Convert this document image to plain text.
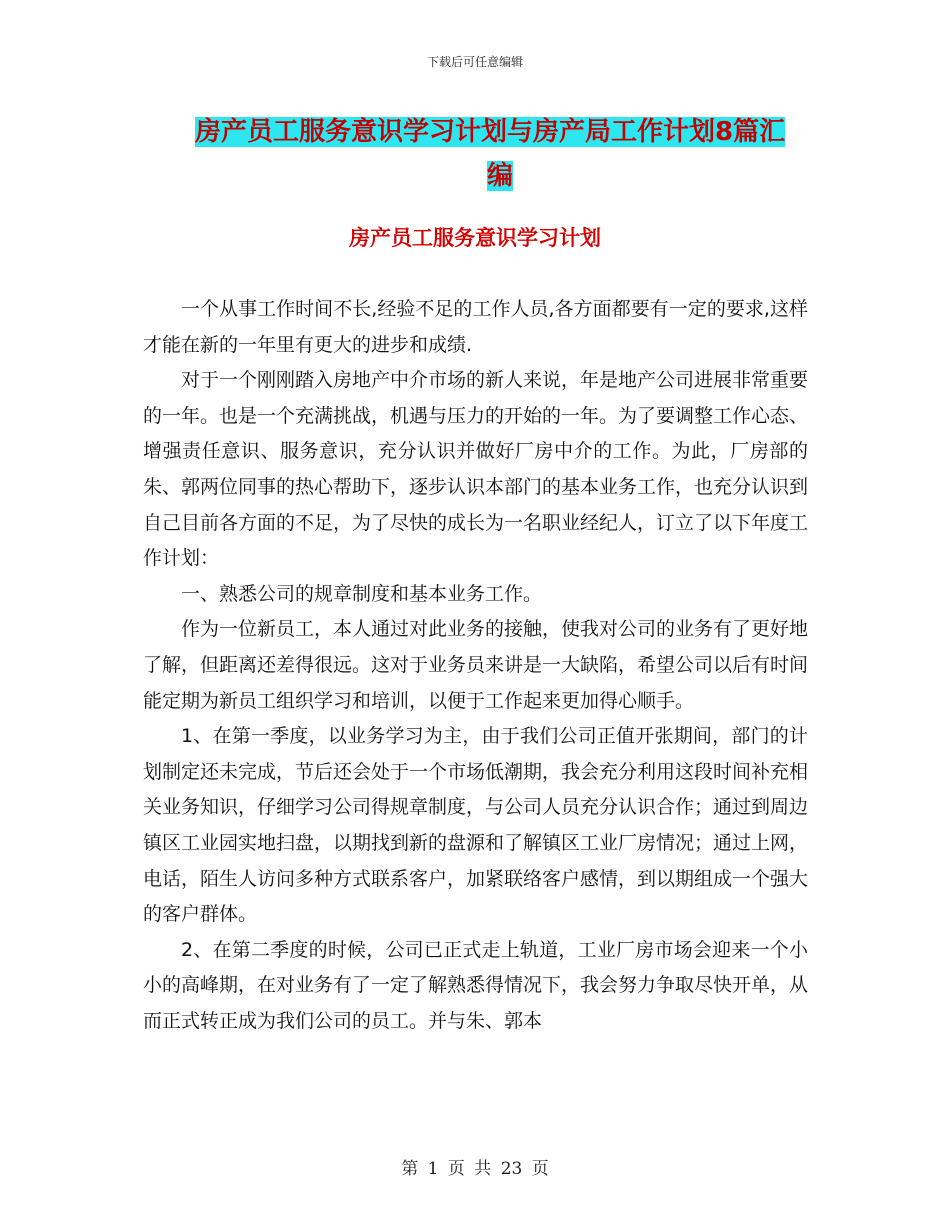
下载后可任意编辑
房产员工服务意识学习计划与房产局工作计划8篇汇
编
房产员工服务意识学习计划

一个从事工作时间不长,经验不足的工作人员,各方面都要有一定的要求,这样才能在新的一年里有更大的进步和成绩.

对于一个刚刚踏入房地产中介市场的新人来说，年是地产公司进展非常重要的一年。也是一个充满挑战，机遇与压力的开始的一年。为了要调整工作心态、增强责任意识、服务意识，充分认识并做好厂房中介的工作。为此，厂房部的朱、郭两位同事的热心帮助下，逐步认识本部门的基本业务工作，也充分认识到自己目前各方面的不足，为了尽快的成长为一名职业经纪人，订立了以下年度工作计划：

一、熟悉公司的规章制度和基本业务工作。

作为一位新员工，本人通过对此业务的接触，使我对公司的业务有了更好地了解，但距离还差得很远。这对于业务员来讲是一大缺陷，希望公司以后有时间能定期为新员工组织学习和培训，以便于工作起来更加得心顺手。

1、在第一季度，以业务学习为主，由于我们公司正值开张期间，部门的计划制定还未完成，节后还会处于一个市场低潮期，我会充分利用这段时间补充相关业务知识，仔细学习公司得规章制度，与公司人员充分认识合作；通过到周边镇区工业园实地扫盘，以期找到新的盘源和了解镇区工业厂房情况；通过上网，电话，陌生人访问多种方式联系客户，加紧联络客户感情，到以期组成一个强大的客户群体。

2、在第二季度的时候，公司已正式走上轨道，工业厂房市场会迎来一个小小的高峰期，在对业务有了一定了解熟悉得情况下，我会努力争取尽快开单，从而正式转正成为我们公司的员工。并与朱、郭本

第 1 页 共 23 页
